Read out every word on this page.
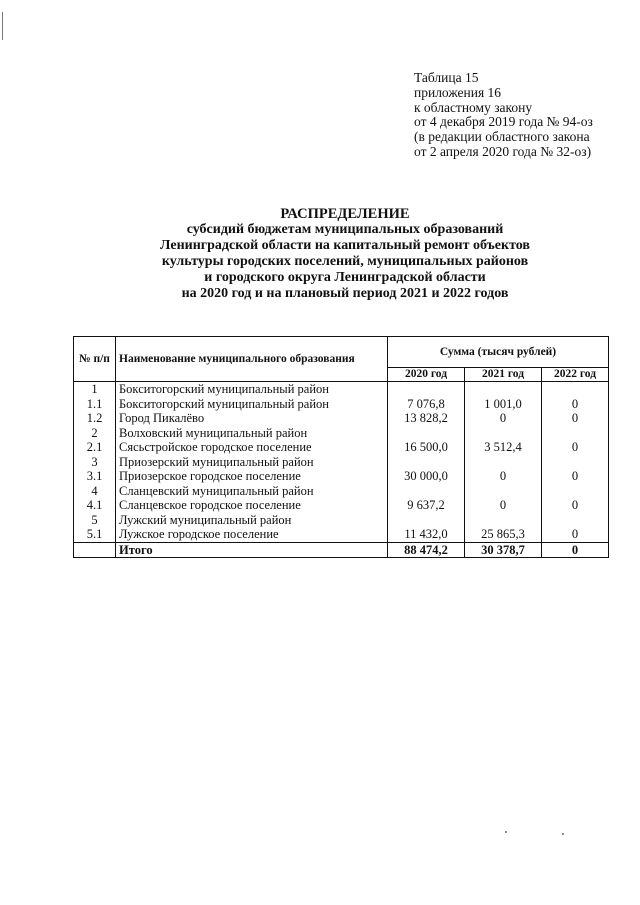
Таблица 15
приложения 16
к областному закону
от 4 декабря 2019 года № 94-оз
(в редакции областного закона
от 2 апреля 2020 года № 32-оз)
РАСПРЕДЕЛЕНИЕ
субсидий бюджетам муниципальных образований
Ленинградской области на капитальный ремонт объектов
культуры городских поселений, муниципальных районов
и городского округа Ленинградской области
на 2020 год и на плановый период 2021 и 2022 годов
№ п/п	Наименование муниципального образования	Сумма (тысяч рублей)		
		2020 год	2021 год	2022 год
1	Бокситогорский муниципальный район			
1.1	Бокситогорский муниципальный район	7 076,8	1 001,0	0
1.2	Город Пикалёво	13 828,2	0	0
2	Волховский муниципальный район			
2.1	Сясьстройское городское поселение	16 500,0	3 512,4	0
3	Приозерский муниципальный район			
3.1	Приозерское городское поселение	30 000,0	0	0
4	Сланцевский муниципальный район			
4.1	Сланцевское городское поселение	9 637,2	0	0
5	Лужский муниципальный район			
5.1	Лужское городское поселение	11 432,0	25 865,3	0
	Итого	88 474,2	30 378,7	0
